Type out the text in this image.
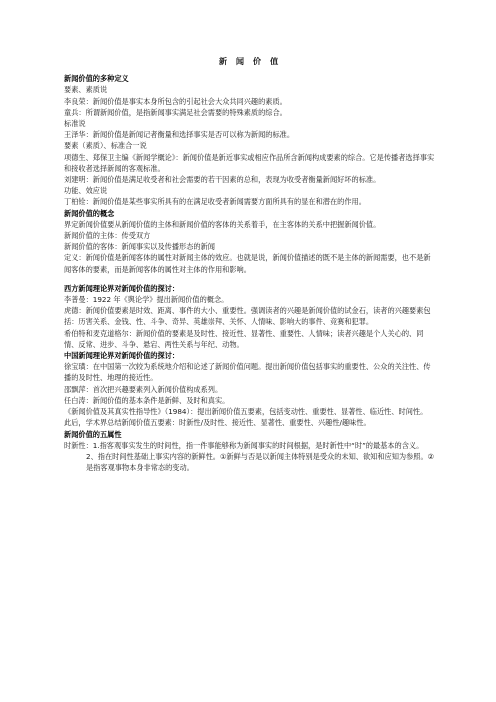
新 闻 价 值

新闻价值的多种定义

要素、素质说

李良荣：新闻价值是事实本身所包含的引起社会大众共同兴趣的素质。

童兵：所谓新闻价值，是指新闻事实满足社会需要的特殊素质的综合。

标准说

王泽华：新闻价值是新闻记者衡量和选择事实是否可以称为新闻的标准。

要素（素质）、标准合一说

项德生、郑保卫主编《新闻学概论》：新闻价值是新近事实或相应作品所含新闻构成要素的综合。它是传播者选择事实和接收者选择新闻的客观标准。

刘建明：新闻价值是满足收受者和社会需要的若干因素的总和，表现为收受者衡量新闻好坏的标准。

功能、效应说

丁柏铨：新闻价值是某些事实所具有的在满足收受者新闻需要方面所具有的显在和潜在的作用。

新闻价值的概念

界定新闻价值要从新闻价值的主体和新闻价值的客体的关系着手，在主客体的关系中把握新闻价值。

新闻价值的主体：传受双方

新闻价值的客体：新闻事实以及传播形态的新闻

定义：新闻价值是新闻客体的属性对新闻主体的效应。也就是说，新闻价值描述的既不是主体的新闻需要，也不是新闻客体的要素，而是新闻客体的属性对主体的作用和影响。

西方新闻理论界对新闻价值的探讨：

李普曼：1922 年《舆论学》提出新闻价值的概念。

虎德：新闻价值要素是时效、距离、事件的大小、重要性。强调读者的兴趣是新闻价值的试金石，读者的兴趣要素包括：历害关系、金钱、性、斗争、奇异、英雄崇拜、关怀、人情味、影响大的事件、竞赛和犯罪。

希伯特和麦克道格尔：新闻价值的要素是及时性、接近性、显著性、重要性、人情味；读者兴趣是个人关心的、同情、反常、进步、斗争、悬宕、两性关系与年纪、动物。

中国新闻理论界对新闻价值的探讨：

徐宝璜：在中国第一次较为系统地介绍和论述了新闻价值问题。提出新闻价值包括事实的重要性、公众的关注性、传播的及时性、地理的接近性。

邵飘萍：首次把兴趣要素列入新闻价值构成系列。

任白涛：新闻价值的基本条件是新鲜、及时和真实。

《新闻价值及其真实性指导性》（1984）：提出新闻价值五要素，包括变动性、重要性、显著性、临近性、时间性。

此后，学术界总结新闻价值五要素：时新性/及时性、接近性、显著性、重要性、兴趣性/趣味性。

新闻价值的五属性

时新性：1.指客观事实发生的时间性，指一件事能够称为新闻事实的时间根据，是时新性中“时”的最基本的含义。

2、指在时间性基础上事实内容的新鲜性。①新鲜与否是以新闻主体特别是受众的未知、欲知和应知为参照。②是指客观事物本身非常态的变动。
